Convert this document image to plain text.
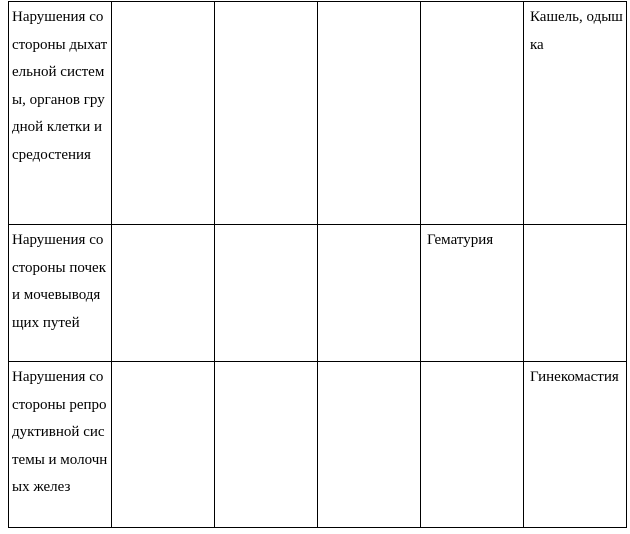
Нарушения со стороны дыхательной системы, органов грудной клетки и средостения					Кашель, одышка

Нарушения со стороны почек и мочевыводящих путей				Гематурия	

Нарушения со стороны репродуктивной системы и молочных желез					Гинекомастия
